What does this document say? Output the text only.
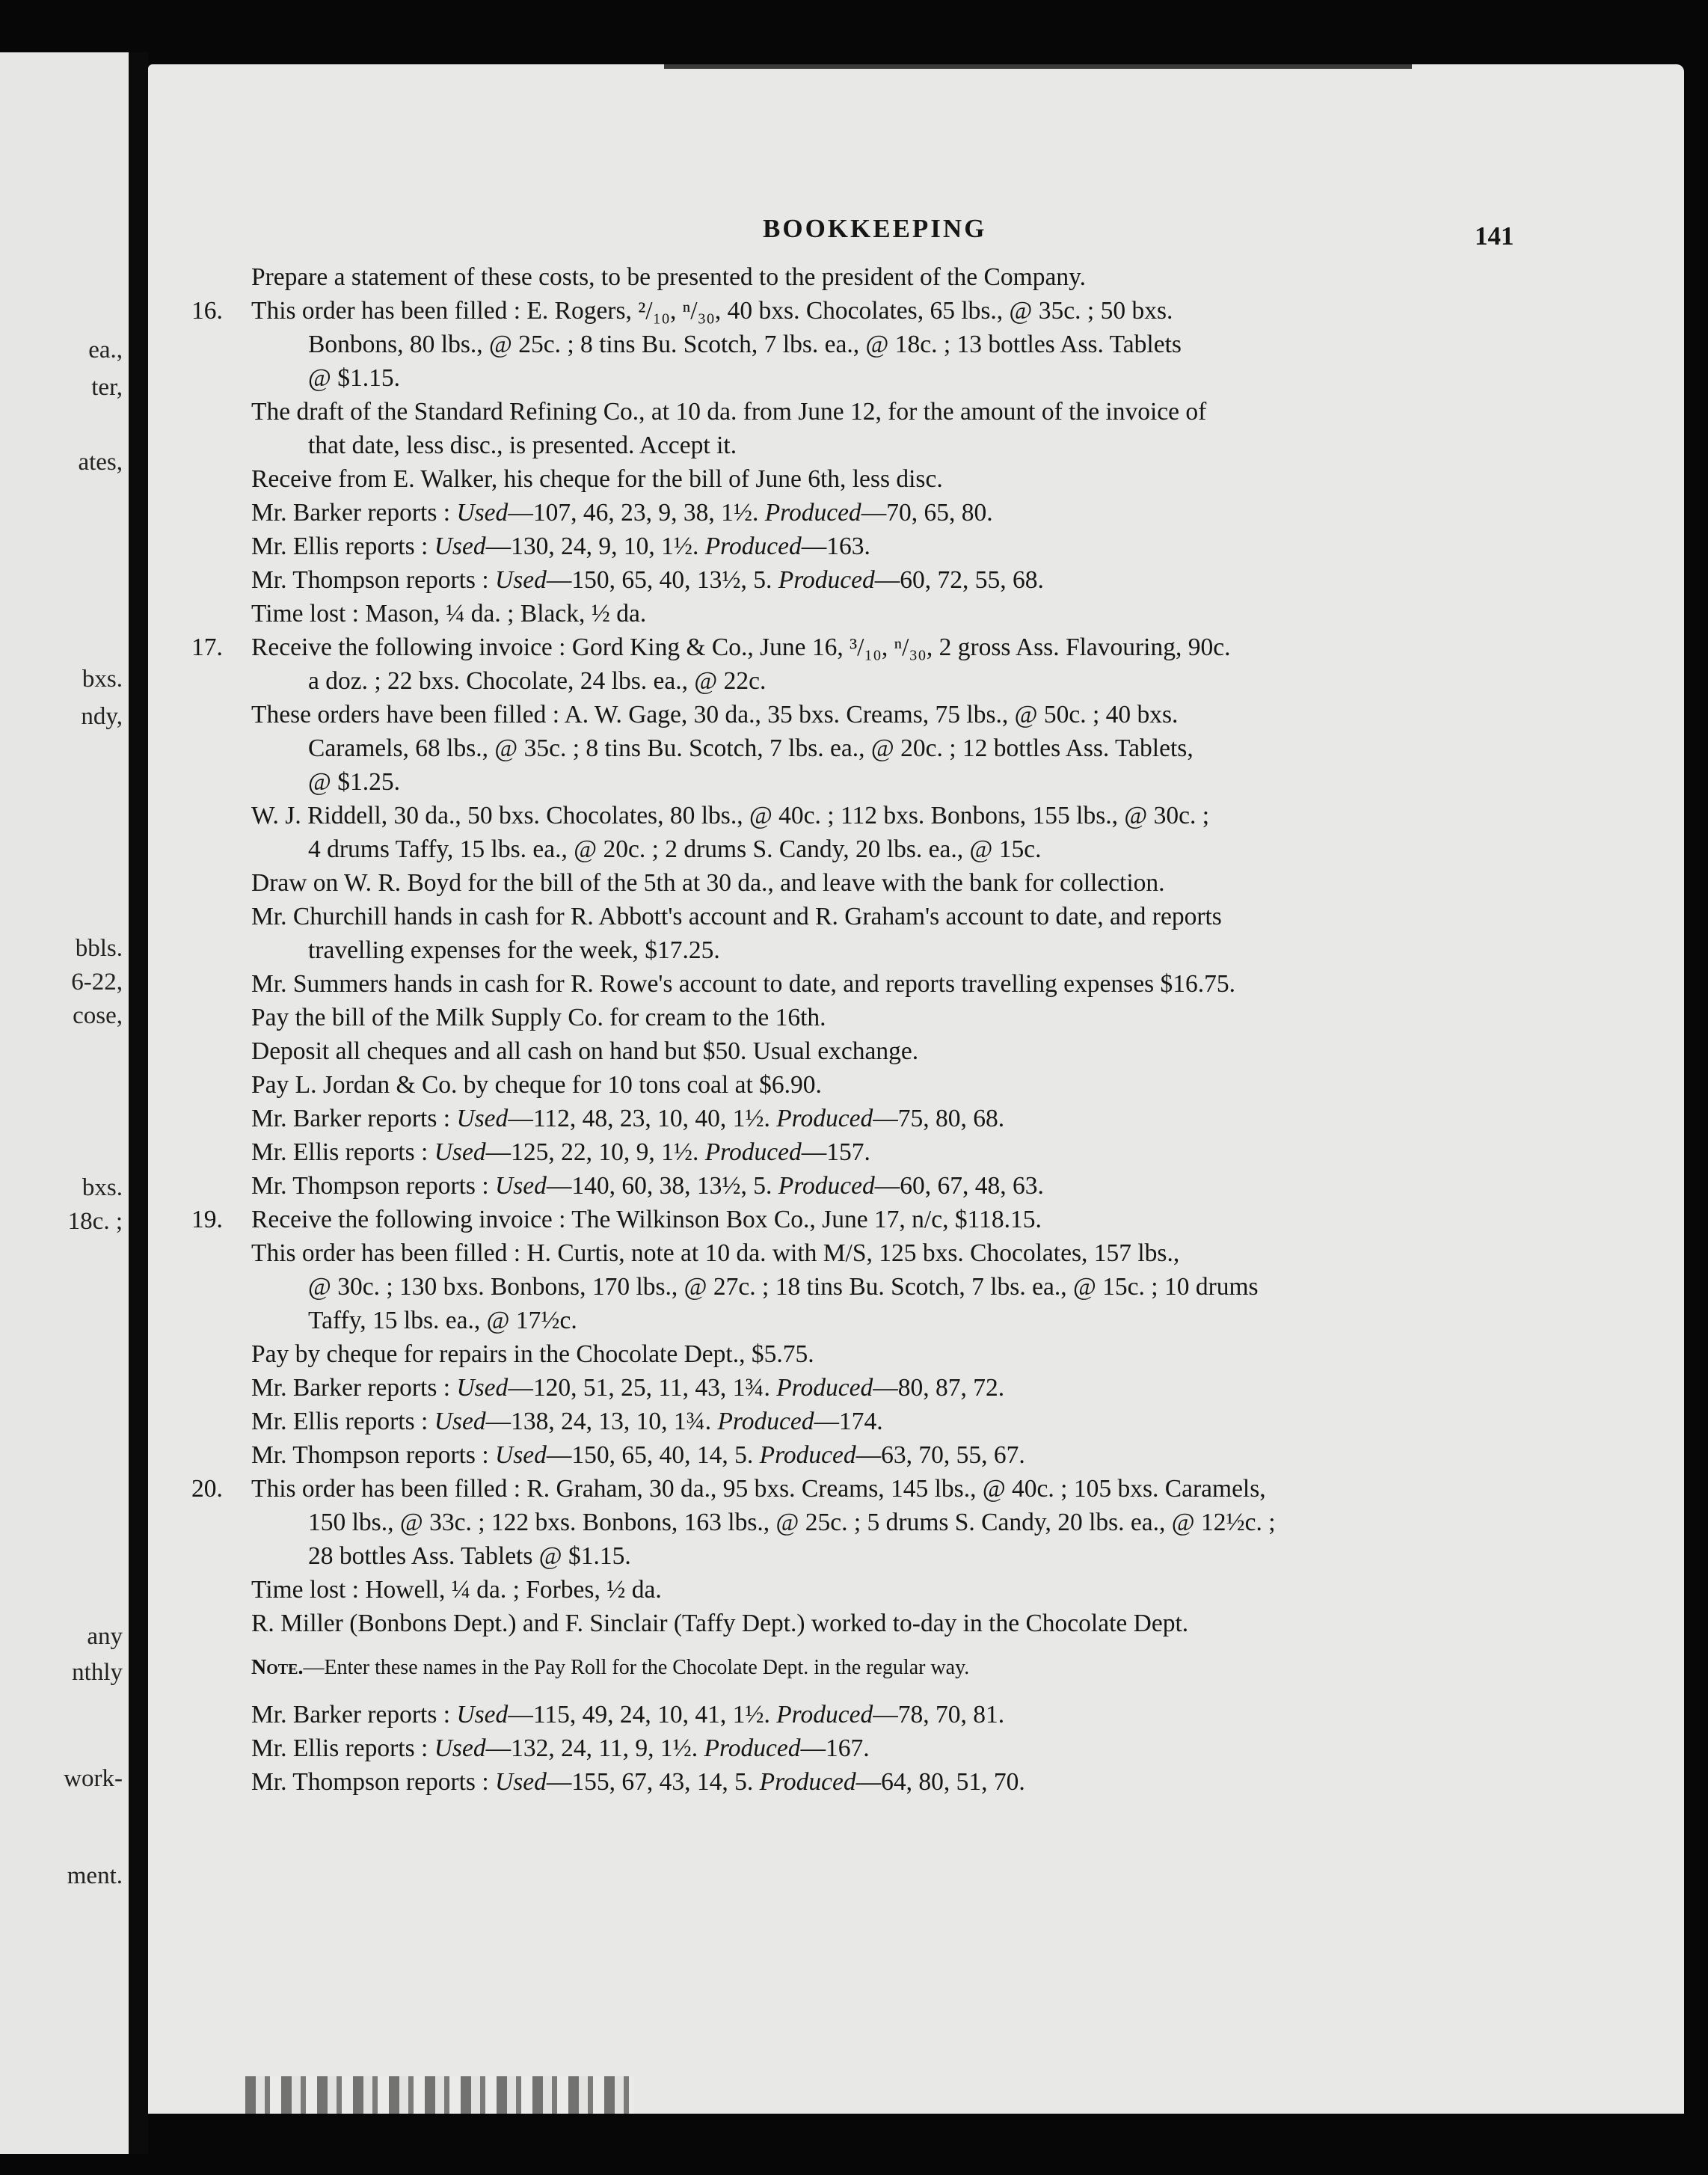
ea.,
ter,
ates,
bxs.
ndy,
bbls.
6-22,
cose,
bxs.
18c. ;
any
nthly
work-
ment.
BOOKKEEPING	141
Prepare a statement of these costs, to be presented to the president of the Company.
16. This order has been filled : E. Rogers, ²/₁₀, ⁿ/₃₀, 40 bxs. Chocolates, 65 lbs., @ 35c. ; 50 bxs.
Bonbons, 80 lbs., @ 25c. ; 8 tins Bu. Scotch, 7 lbs. ea., @ 18c. ; 13 bottles Ass. Tablets
@ $1.15.
The draft of the Standard Refining Co., at 10 da. from June 12, for the amount of the invoice of
that date, less disc., is presented. Accept it.
Receive from E. Walker, his cheque for the bill of June 6th, less disc.
Mr. Barker reports : Used—107, 46, 23, 9, 38, 1½. Produced—70, 65, 80.
Mr. Ellis reports : Used—130, 24, 9, 10, 1½. Produced—163.
Mr. Thompson reports : Used—150, 65, 40, 13½, 5. Produced—60, 72, 55, 68.
Time lost : Mason, ¼ da. ; Black, ½ da.
17. Receive the following invoice : Gord King & Co., June 16, ³/₁₀, ⁿ/₃₀, 2 gross Ass. Flavouring, 90c.
a doz. ; 22 bxs. Chocolate, 24 lbs. ea., @ 22c.
These orders have been filled : A. W. Gage, 30 da., 35 bxs. Creams, 75 lbs., @ 50c. ; 40 bxs.
Caramels, 68 lbs., @ 35c. ; 8 tins Bu. Scotch, 7 lbs. ea., @ 20c. ; 12 bottles Ass. Tablets,
@ $1.25.
W. J. Riddell, 30 da., 50 bxs. Chocolates, 80 lbs., @ 40c. ; 112 bxs. Bonbons, 155 lbs., @ 30c. ;
4 drums Taffy, 15 lbs. ea., @ 20c. ; 2 drums S. Candy, 20 lbs. ea., @ 15c.
Draw on W. R. Boyd for the bill of the 5th at 30 da., and leave with the bank for collection.
Mr. Churchill hands in cash for R. Abbott's account and R. Graham's account to date, and reports
travelling expenses for the week, $17.25.
Mr. Summers hands in cash for R. Rowe's account to date, and reports travelling expenses $16.75.
Pay the bill of the Milk Supply Co. for cream to the 16th.
Deposit all cheques and all cash on hand but $50. Usual exchange.
Pay L. Jordan & Co. by cheque for 10 tons coal at $6.90.
Mr. Barker reports : Used—112, 48, 23, 10, 40, 1½. Produced—75, 80, 68.
Mr. Ellis reports : Used—125, 22, 10, 9, 1½. Produced—157.
Mr. Thompson reports : Used—140, 60, 38, 13½, 5. Produced—60, 67, 48, 63.
19. Receive the following invoice : The Wilkinson Box Co., June 17, n/c, $118.15.
This order has been filled : H. Curtis, note at 10 da. with M/S, 125 bxs. Chocolates, 157 lbs.,
@ 30c. ; 130 bxs. Bonbons, 170 lbs., @ 27c. ; 18 tins Bu. Scotch, 7 lbs. ea., @ 15c. ; 10 drums
Taffy, 15 lbs. ea., @ 17½c.
Pay by cheque for repairs in the Chocolate Dept., $5.75.
Mr. Barker reports : Used—120, 51, 25, 11, 43, 1¾. Produced—80, 87, 72.
Mr. Ellis reports : Used—138, 24, 13, 10, 1¾. Produced—174.
Mr. Thompson reports : Used—150, 65, 40, 14, 5. Produced—63, 70, 55, 67.
20. This order has been filled : R. Graham, 30 da., 95 bxs. Creams, 145 lbs., @ 40c. ; 105 bxs. Caramels,
150 lbs., @ 33c. ; 122 bxs. Bonbons, 163 lbs., @ 25c. ; 5 drums S. Candy, 20 lbs. ea., @ 12½c. ;
28 bottles Ass. Tablets @ $1.15.
Time lost : Howell, ¼ da. ; Forbes, ½ da.
R. Miller (Bonbons Dept.) and F. Sinclair (Taffy Dept.) worked to-day in the Chocolate Dept.
Note.—Enter these names in the Pay Roll for the Chocolate Dept. in the regular way.
Mr. Barker reports : Used—115, 49, 24, 10, 41, 1½. Produced—78, 70, 81.
Mr. Ellis reports : Used—132, 24, 11, 9, 1½. Produced—167.
Mr. Thompson reports : Used—155, 67, 43, 14, 5. Produced—64, 80, 51, 70.
